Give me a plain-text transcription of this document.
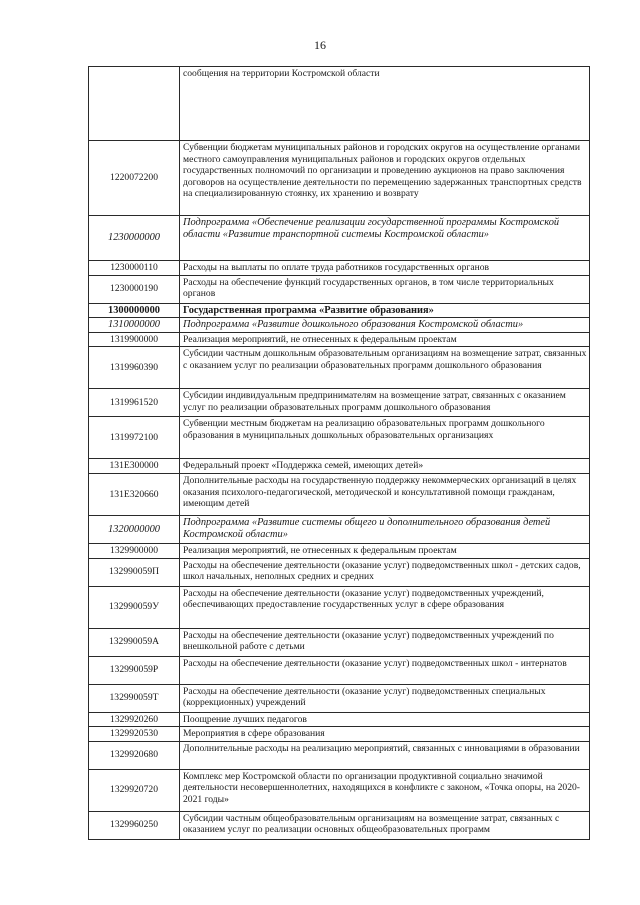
16
	сообщения на территории Костромской области
1220072200	Субвенции бюджетам муниципальных районов и городских округов на осуществление органами местного самоуправления муниципальных районов и городских округов отдельных государственных полномочий по организации и проведению аукционов на право заключения договоров на осуществление деятельности по перемещению задержанных транспортных средств на специализированную стоянку, их хранению и возврату
1230000000	Подпрограмма «Обеспечение реализации государственной программы Костромской области «Развитие транспортной системы Костромской области»
1230000110	Расходы на выплаты по оплате труда работников государственных органов
1230000190	Расходы на обеспечение функций государственных органов, в том числе территориальных органов
1300000000	Государственная программа «Развитие образования»
1310000000	Подпрограмма «Развитие дошкольного образования Костромской области»
1319900000	Реализация мероприятий, не отнесенных к федеральным проектам
1319960390	Субсидии частным дошкольным образовательным организациям на возмещение затрат, связанных с оказанием услуг по реализации образовательных программ дошкольного образования
1319961520	Субсидии индивидуальным предпринимателям на возмещение затрат, связанных с оказанием услуг по реализации образовательных программ дошкольного образования
1319972100	Субвенции местным бюджетам на реализацию образовательных программ дошкольного образования в муниципальных дошкольных образовательных организациях
131Е300000	Федеральный проект «Поддержка семей, имеющих детей»
131Е320660	Дополнительные расходы на государственную поддержку некоммерческих организаций в целях оказания психолого-педагогической, методической и консультативной помощи гражданам, имеющим детей
1320000000	Подпрограмма «Развитие системы общего и дополнительного образования детей Костромской области»
1329900000	Реализация мероприятий, не отнесенных к федеральным проектам
132990059П	Расходы на обеспечение деятельности (оказание услуг) подведомственных школ - детских садов, школ начальных, неполных средних и средних
132990059У	Расходы на обеспечение деятельности (оказание услуг) подведомственных учреждений, обеспечивающих предоставление государственных услуг в сфере образования
132990059А	Расходы на обеспечение деятельности (оказание услуг) подведомственных учреждений по внешкольной работе с детьми
132990059Р	Расходы на обеспечение деятельности (оказание услуг) подведомственных школ - интернатов
132990059Т	Расходы на обеспечение деятельности (оказание услуг) подведомственных специальных (коррекционных) учреждений
1329920260	Поощрение лучших педагогов
1329920530	Мероприятия в сфере образования
1329920680	Дополнительные расходы на реализацию мероприятий, связанных с инновациями в образовании
1329920720	Комплекс мер Костромской области по организации продуктивной социально значимой деятельности несовершеннолетних, находящихся в конфликте с законом, «Точка опоры, на 2020-2021 годы»
1329960250	Субсидии частным общеобразовательным организациям на возмещение затрат, связанных с оказанием услуг по реализации основных общеобразовательных программ
